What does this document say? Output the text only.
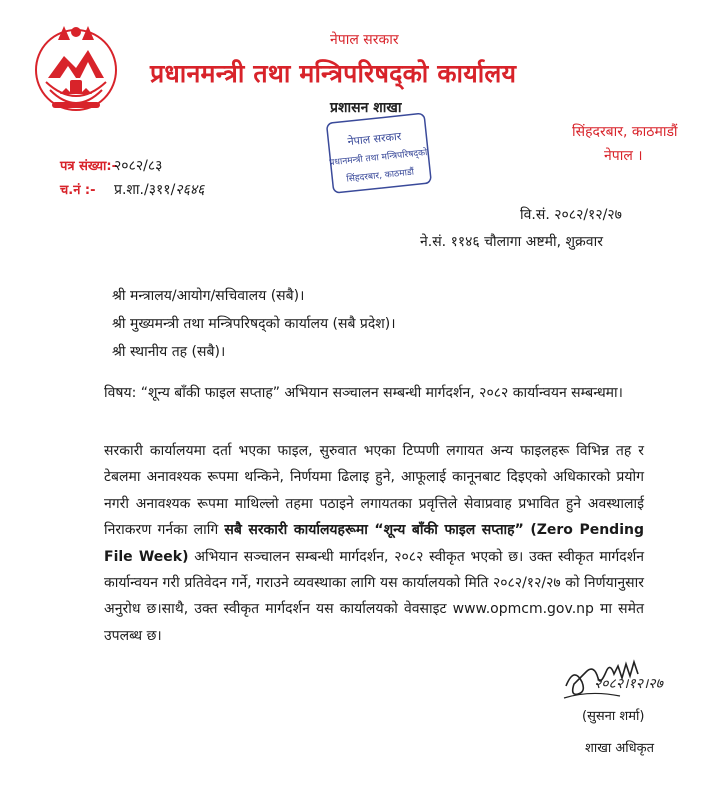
नेपाल सरकार
प्रधानमन्त्री तथा मन्त्रिपरिषद्को कार्यालय
प्रशासन शाखा
नेपाल सरकार
प्रधानमन्त्री तथा मन्त्रिपरिषद्को
सिंहदरबार, काठमाडौं
सिंहदरबार, काठमाडौं
नेपाल ।
पत्र संख्या:-
२०८२/८३
च.नं :- प्र.शा./३११/२६४६
वि.सं. २०८२/१२/२७
ने.सं. ११४६ चौलागा अष्टमी, शुक्रवार
श्री मन्त्रालय/आयोग/सचिवालय (सबै)।
श्री मुख्यमन्त्री तथा मन्त्रिपरिषद्को कार्यालय (सबै प्रदेश)।
श्री स्थानीय तह (सबै)।
विषय: “शून्य बाँकी फाइल सप्ताह” अभियान सञ्चालन सम्बन्धी मार्गदर्शन, २०८२ कार्यान्वयन सम्बन्धमा।
सरकारी कार्यालयमा दर्ता भएका फाइल, सुरुवात भएका टिप्पणी लगायत अन्य फाइलहरू विभिन्न तह र टेबलमा अनावश्यक रूपमा थन्किने, निर्णयमा ढिलाइ हुने, आफूलाई कानूनबाट दिइएको अधिकारको प्रयोग नगरी अनावश्यक रूपमा माथिल्लो तहमा पठाइने लगायतका प्रवृत्तिले सेवाप्रवाह प्रभावित हुने अवस्थालाई निराकरण गर्नका लागि सबै सरकारी कार्यालयहरूमा “शून्य बाँकी फाइल सप्ताह” (Zero Pending File Week) अभियान सञ्चालन सम्बन्धी मार्गदर्शन, २०८२ स्वीकृत भएको छ। उक्त स्वीकृत मार्गदर्शन कार्यान्वयन गरी प्रतिवेदन गर्ने, गराउने व्यवस्थाका लागि यस कार्यालयको मिति २०८२/१२/२७ को निर्णयानुसार अनुरोध छ।साथै, उक्त स्वीकृत मार्गदर्शन यस कार्यालयको वेवसाइट www.opmcm.gov.np मा समेत उपलब्ध छ।
२०८२।१२।२७
(सुसना शर्मा)
शाखा अधिकृत
